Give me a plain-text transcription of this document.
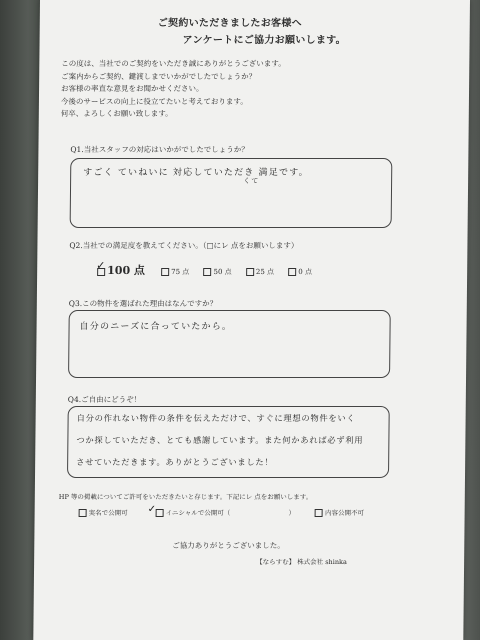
ご契約いただきましたお客様へ
アンケートにご協力お願いします。
この度は、当社でのご契約をいただき誠にありがとうございます。
ご案内からご契約、鍵渡しまでいかがでしたでしょうか？
お客様の率直な意見をお聞かせください。
今後のサービスの向上に役立てたいと考えております。
何卒、よろしくお願い致します。
Q1.当社スタッフの対応はいかがでしたでしょうか？
すごく ていねいに 対応していただき 満足です。
くて
Q2.当社での満足度を教えてください。（□にレ 点をお願いします）
100 点	75 点	50 点	25 点	0 点
✓
Q3.この物件を選ばれた理由はなんですか？
自分のニーズに合っていたから。
Q4.ご自由にどうぞ！
自分の作れない物件の条件を伝えただけで、すぐに理想の物件をいく
つか探していただき、とても感謝しています。また何かあれば必ず利用
させていただきます。ありがとうございました！
HP 等の掲載についてご許可をいただきたいと存じます。下記にレ 点をお願いします。
実名で公開可	イニシャルで公開可（	）	内容公開不可
✓
ご協力ありがとうございました。
【ならすむ】 株式会社 shinka
